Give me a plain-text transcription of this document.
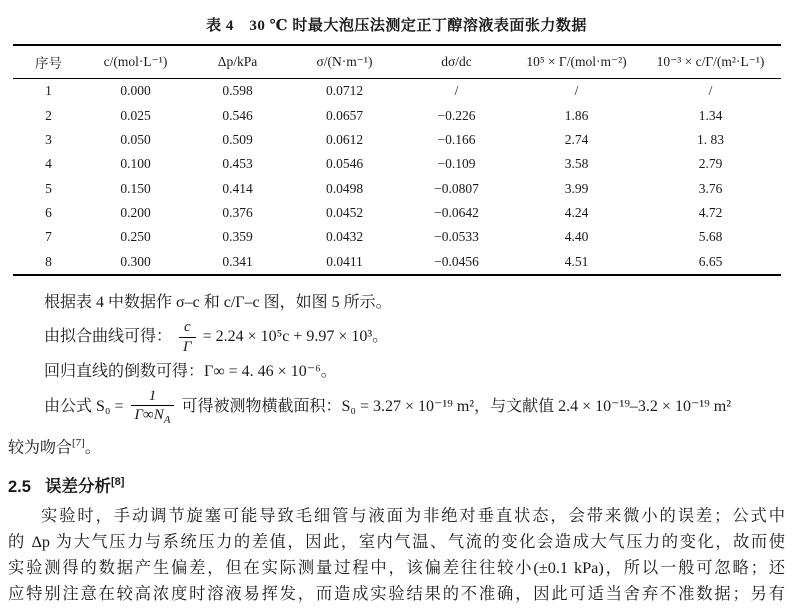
表 4　30 ℃ 时最大泡压法测定正丁醇溶液表面张力数据
序号	c/(mol·L⁻¹)	Δp/kPa	σ/(N·m⁻¹)	dσ/dc	10⁵ × Γ/(mol·m⁻²)	10⁻³ × c/Γ/(m²·L⁻¹)
1	0.000	0.598	0.0712	/	/	/
2	0.025	0.546	0.0657	−0.226	1.86	1.34
3	0.050	0.509	0.0612	−0.166	2.74	1. 83
4	0.100	0.453	0.0546	−0.109	3.58	2.79
5	0.150	0.414	0.0498	−0.0807	3.99	3.76
6	0.200	0.376	0.0452	−0.0642	4.24	4.72
7	0.250	0.359	0.0432	−0.0533	4.40	5.68
8	0.300	0.341	0.0411	−0.0456	4.51	6.65

根据表 4 中数据作 σ–c 和 c/Γ–c 图，如图 5 所示。

由拟合曲线可得： $\frac{c}{\Gamma} = 2.24 \times 10^5c + 9.97 \times 10^3$。

回归直线的倒数可得：Γ∞ = 4. 46 × 10⁻⁶。

由公式 $S_0 = \frac{1}{\Gamma\infty N_A}$ 可得被测物横截面积：S₀ = 3.27 × 10⁻¹⁹ m²，与文献值 2.4 × 10⁻¹⁹–3.2 × 10⁻¹⁹ m²

较为吻合[7]。

2.5 误差分析[8]
实验时，手动调节旋塞可能导致毛细管与液面为非绝对垂直状态，会带来微小的误差；公式中
的 Δp 为大气压力与系统压力的差值，因此，室内气温、气流的变化会造成大气压力的变化，故而使
实验测得的数据产生偏差，但在实际测量过程中，该偏差往往较小(±0.1 kPa)，所以一般可忽略；还
应特别注意在较高浓度时溶液易挥发，而造成实验结果的不准确，因此可适当舍弃不准数据；另有
